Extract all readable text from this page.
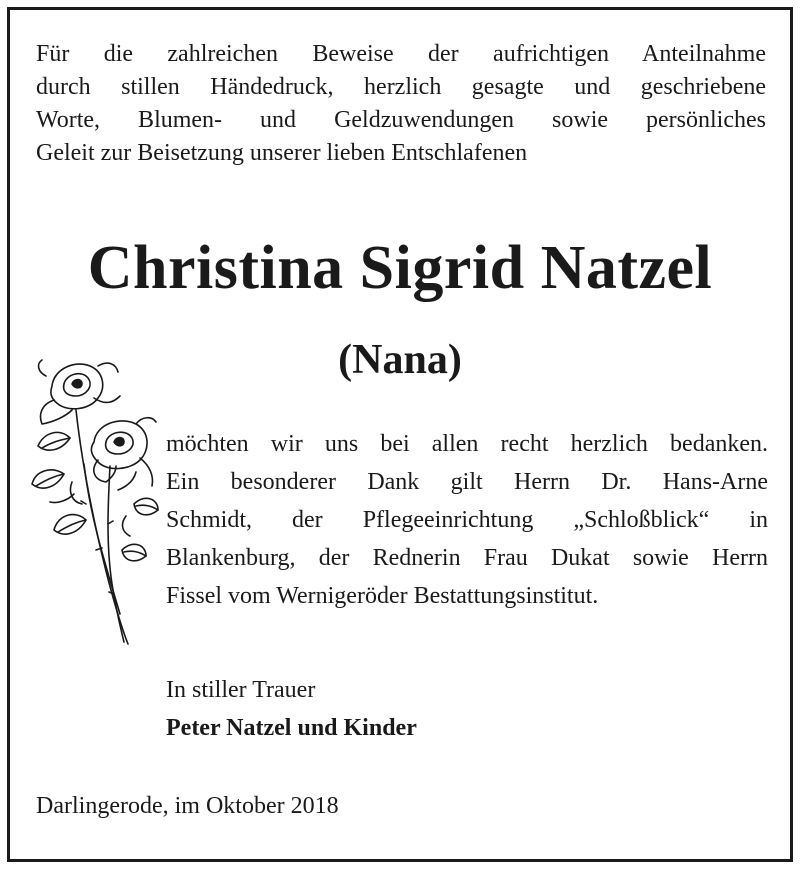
Für die zahlreichen Beweise der aufrichtigen Anteilnahme
durch stillen Händedruck, herzlich gesagte und geschriebene
Worte, Blumen- und Geldzuwendungen sowie persönliches
Geleit zur Beisetzung unserer lieben Entschlafenen
Christina Sigrid Natzel
(Nana)
möchten wir uns bei allen recht herzlich bedanken.
Ein besonderer Dank gilt Herrn Dr. Hans-Arne
Schmidt, der Pflegeeinrichtung „Schloßblick“ in
Blankenburg, der Rednerin Frau Dukat sowie Herrn
Fissel vom Wernigeröder Bestattungsinstitut.
In stiller Trauer
Peter Natzel und Kinder
Darlingerode, im Oktober 2018
